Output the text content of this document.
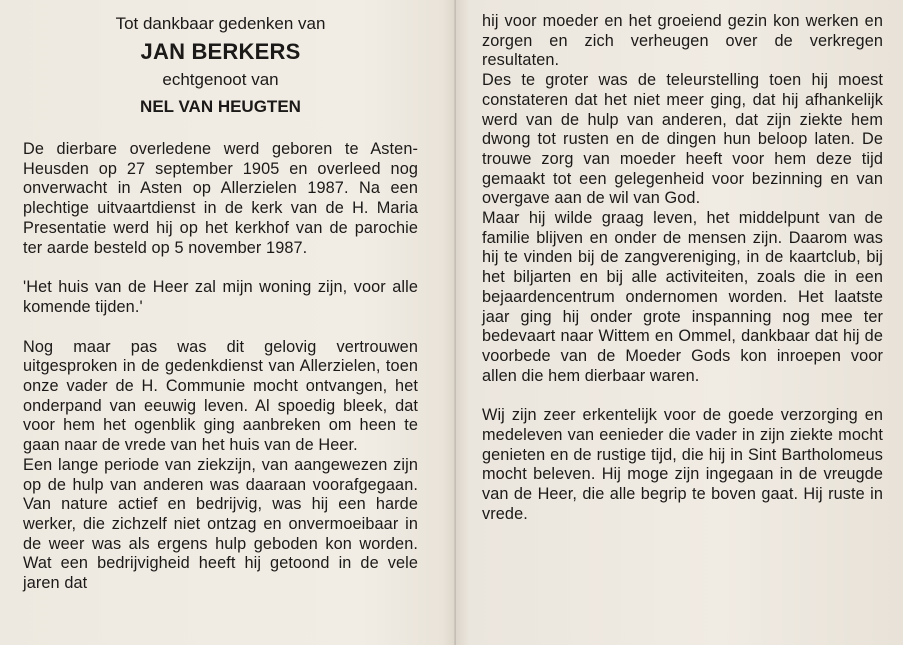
Tot dankbaar gedenken van
JAN BERKERS
echtgenoot van
NEL VAN HEUGTEN

De dierbare overledene werd geboren te Asten-Heusden op 27 september 1905 en overleed nog onverwacht in Asten op Allerzielen 1987. Na een plechtige uitvaartdienst in de kerk van de H. Maria Presentatie werd hij op het kerkhof van de parochie ter aarde besteld op 5 november 1987.

'Het huis van de Heer zal mijn woning zijn, voor alle komende tijden.'

Nog maar pas was dit gelovig vertrouwen uitgesproken in de gedenkdienst van Allerzielen, toen onze vader de H. Communie mocht ontvangen, het onderpand van eeuwig leven. Al spoedig bleek, dat voor hem het ogenblik ging aanbreken om heen te gaan naar de vrede van het huis van de Heer.

Een lange periode van ziekzijn, van aangewezen zijn op de hulp van anderen was daaraan voorafgegaan. Van nature actief en bedrijvig, was hij een harde werker, die zichzelf niet ontzag en onvermoeibaar in de weer was als ergens hulp geboden kon worden. Wat een bedrijvigheid heeft hij getoond in de vele jaren dat

hij voor moeder en het groeiend gezin kon werken en zorgen en zich verheugen over de verkregen resultaten.

Des te groter was de teleurstelling toen hij moest constateren dat het niet meer ging, dat hij afhankelijk werd van de hulp van anderen, dat zijn ziekte hem dwong tot rusten en de dingen hun beloop laten. De trouwe zorg van moeder heeft voor hem deze tijd gemaakt tot een gelegenheid voor bezinning en van overgave aan de wil van God.

Maar hij wilde graag leven, het middelpunt van de familie blijven en onder de mensen zijn. Daarom was hij te vinden bij de zangvereniging, in de kaartclub, bij het biljarten en bij alle activiteiten, zoals die in een bejaardencentrum ondernomen worden. Het laatste jaar ging hij onder grote inspanning nog mee ter bedevaart naar Wittem en Ommel, dankbaar dat hij de voorbede van de Moeder Gods kon inroepen voor allen die hem dierbaar waren.

Wij zijn zeer erkentelijk voor de goede verzorging en medeleven van eenieder die vader in zijn ziekte mocht genieten en de rustige tijd, die hij in Sint Bartholomeus mocht beleven. Hij moge zijn ingegaan in de vreugde van de Heer, die alle begrip te boven gaat. Hij ruste in vrede.
